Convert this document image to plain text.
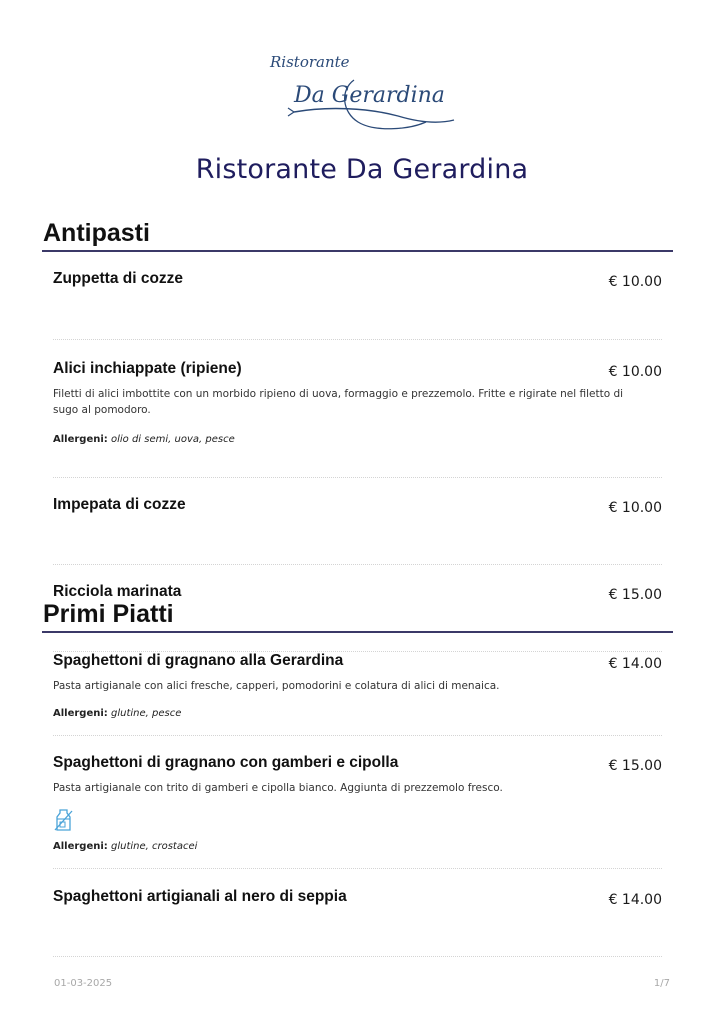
Ristorante
Da Gerardina
Ristorante Da Gerardina
Antipasti
Zuppetta di cozze	€ 10.00
Alici inchiappate (ripiene)	€ 10.00
Filetti di alici imbottite con un morbido ripieno di uova, formaggio e prezzemolo. Fritte e rigirate nel filetto di sugo al pomodoro.
Allergeni: olio di semi, uova, pesce
Impepata di cozze	€ 10.00
Ricciola marinata	€ 15.00
Primi Piatti
Spaghettoni di gragnano alla Gerardina	€ 14.00
Pasta artigianale con alici fresche, capperi, pomodorini e colatura di alici di menaica.
Allergeni: glutine, pesce
Spaghettoni di gragnano con gamberi e cipolla	€ 15.00
Pasta artigianale con trito di gamberi e cipolla bianco. Aggiunta di prezzemolo fresco.
Allergeni: glutine, crostacei
Spaghettoni artigianali al nero di seppia	€ 14.00
01-03-2025	1/7
